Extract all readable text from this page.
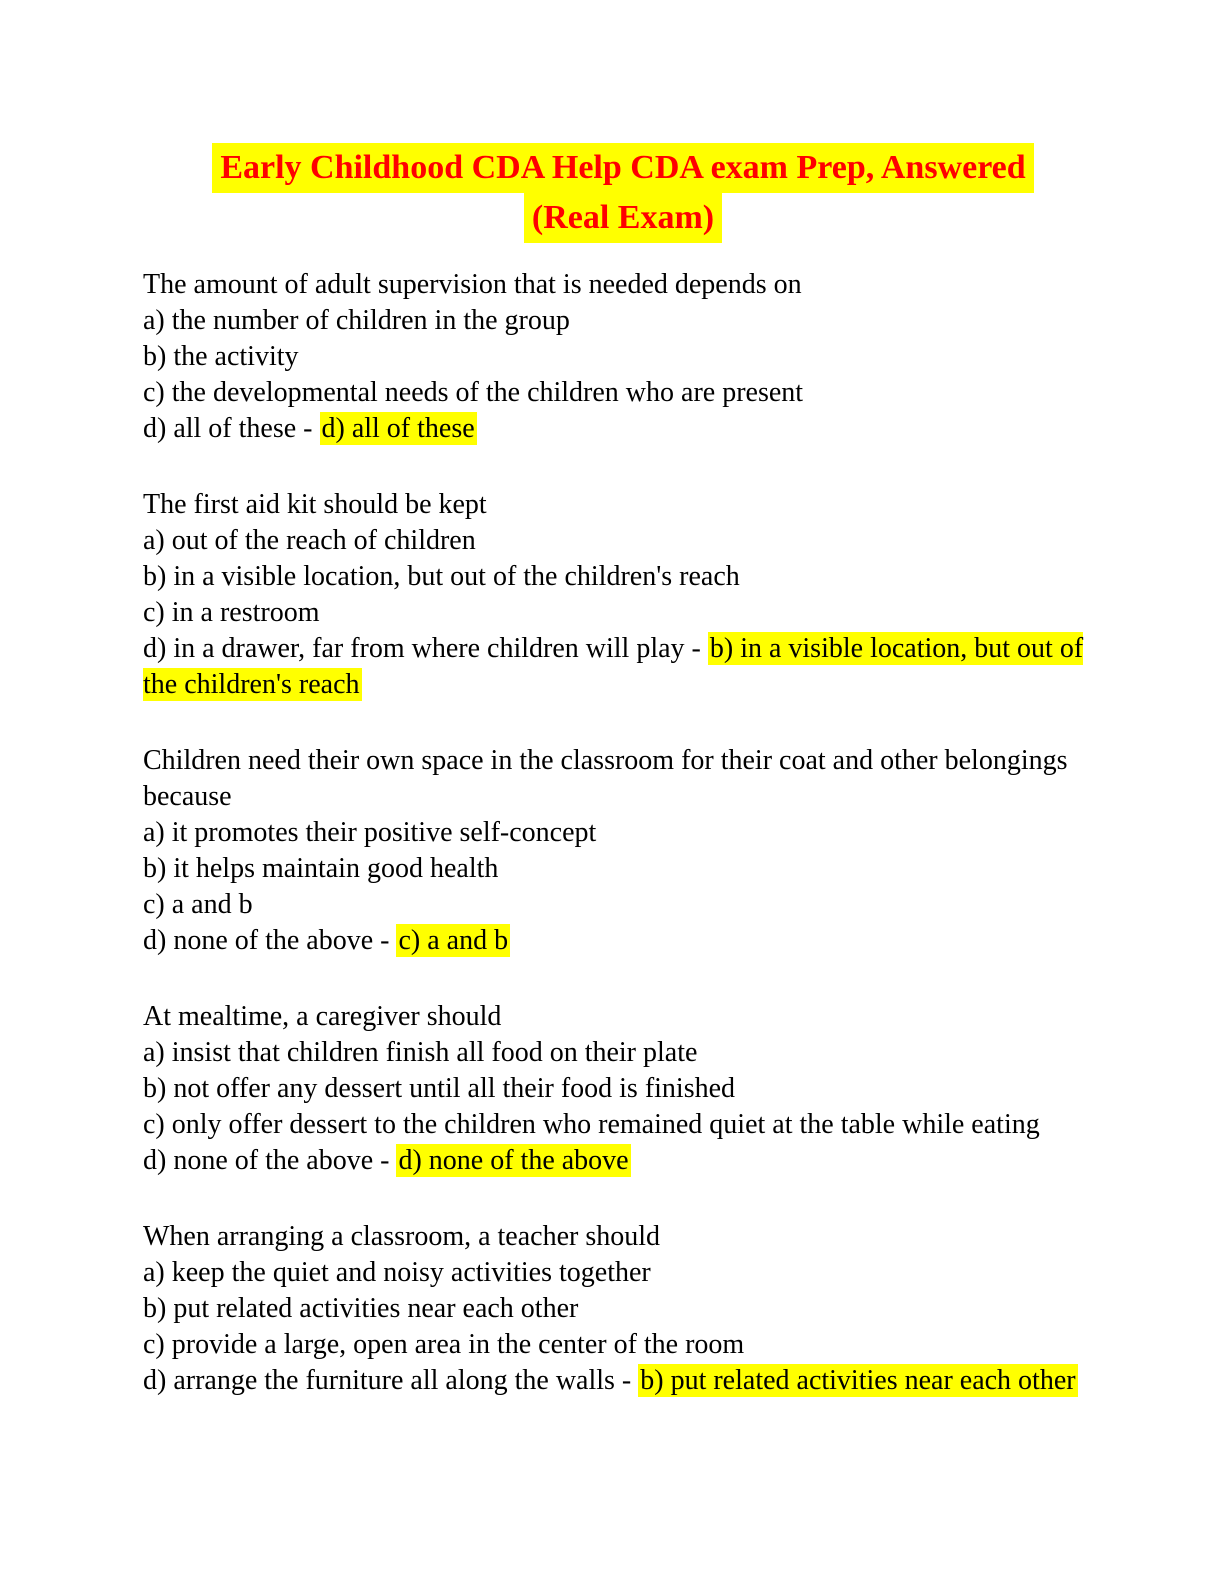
Early Childhood CDA Help CDA exam Prep, Answered
(Real Exam)

The amount of adult supervision that is needed depends on

a) the number of children in the group

b) the activity

c) the developmental needs of the children who are present

d) all of these - d) all of these

The first aid kit should be kept

a) out of the reach of children

b) in a visible location, but out of the children's reach

c) in a restroom

d) in a drawer, far from where children will play - b) in a visible location, but out of the children's reach

Children need their own space in the classroom for their coat and other belongings because

a) it promotes their positive self-concept

b) it helps maintain good health

c) a and b

d) none of the above - c) a and b

At mealtime, a caregiver should

a) insist that children finish all food on their plate

b) not offer any dessert until all their food is finished

c) only offer dessert to the children who remained quiet at the table while eating

d) none of the above - d) none of the above

When arranging a classroom, a teacher should

a) keep the quiet and noisy activities together

b) put related activities near each other

c) provide a large, open area in the center of the room

d) arrange the furniture all along the walls - b) put related activities near each other
